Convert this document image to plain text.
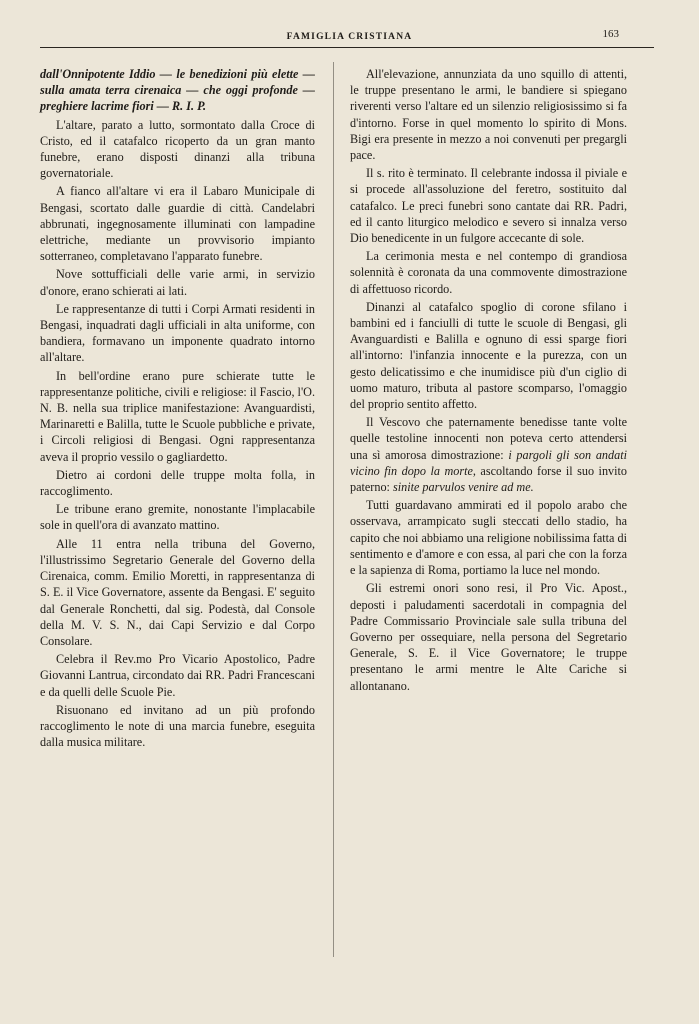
FAMIGLIA CRISTIANA	163

dall'Onnipotente Iddio — le benedizioni più elette — sulla amata terra cirenaica — che oggi profonde — preghiere lacrime fiori — R. I. P.

L'altare, parato a lutto, sormontato dalla Croce di Cristo, ed il catafalco ricoperto da un gran manto funebre, erano disposti dinanzi alla tribuna governatoriale.

A fianco all'altare vi era il Labaro Municipale di Bengasi, scortato dalle guardie di città. Candelabri abbrunati, ingegnosamente illuminati con lampadine elettriche, mediante un provvisorio impianto sotterraneo, completavano l'apparato funebre.

Nove sottufficiali delle varie armi, in servizio d'onore, erano schierati ai lati.

Le rappresentanze di tutti i Corpi Armati residenti in Bengasi, inquadrati dagli ufficiali in alta uniforme, con bandiera, formavano un imponente quadrato intorno all'altare.

In bell'ordine erano pure schierate tutte le rappresentanze politiche, civili e religiose: il Fascio, l'O. N. B. nella sua triplice manifestazione: Avanguardisti, Marinaretti e Balilla, tutte le Scuole pubbliche e private, i Circoli religiosi di Bengasi. Ogni rappresentanza aveva il proprio vessilo o gagliardetto.

Dietro ai cordoni delle truppe molta folla, in raccoglimento.

Le tribune erano gremite, nonostante l'implacabile sole in quell'ora di avanzato mattino.

Alle 11 entra nella tribuna del Governo, l'illustrissimo Segretario Generale del Governo della Cirenaica, comm. Emilio Moretti, in rappresentanza di S. E. il Vice Governatore, assente da Bengasi. E' seguito dal Generale Ronchetti, dal sig. Podestà, dal Console della M. V. S. N., dai Capi Servizio e dal Corpo Consolare.

Celebra il Rev.mo Pro Vicario Apostolico, Padre Giovanni Lantrua, circondato dai RR. Padri Francescani e da quelli delle Scuole Pie.

Risuonano ed invitano ad un più profondo raccoglimento le note di una marcia funebre, eseguita dalla musica militare.

All'elevazione, annunziata da uno squillo di attenti, le truppe presentano le armi, le bandiere si spiegano riverenti verso l'altare ed un silenzio religiosissimo si fa d'intorno. Forse in quel momento lo spirito di Mons. Bigi era presente in mezzo a noi convenuti per pregargli pace.

Il s. rito è terminato. Il celebrante indossa il piviale e si procede all'assoluzione del feretro, sostituito dal catafalco. Le preci funebri sono cantate dai RR. Padri, ed il canto liturgico melodico e severo si innalza verso Dio benedicente in un fulgore accecante di sole.

La cerimonia mesta e nel contempo di grandiosa solennità è coronata da una commovente dimostrazione di affettuoso ricordo.

Dinanzi al catafalco spoglio di corone sfilano i bambini ed i fanciulli di tutte le scuole di Bengasi, gli Avanguardisti e Balilla e ognuno di essi sparge fiori all'intorno: l'infanzia innocente e la purezza, con un gesto delicatissimo e che inumidisce più d'un ciglio di uomo maturo, tributa al pastore scomparso, l'omaggio del proprio sentito affetto.

Il Vescovo che paternamente benedisse tante volte quelle testoline innocenti non poteva certo attendersi una sì amorosa dimostrazione: i pargoli gli son andati vicino fin dopo la morte, ascoltando forse il suo invito paterno: sinite parvulos venire ad me.

Tutti guardavano ammirati ed il popolo arabo che osservava, arrampicato sugli steccati dello stadio, ha capito che noi abbiamo una religione nobilissima fatta di sentimento e d'amore e con essa, al pari che con la forza e la sapienza di Roma, portiamo la luce nel mondo.

Gli estremi onori sono resi, il Pro Vic. Apost., deposti i paludamenti sacerdotali in compagnia del Padre Commissario Provinciale sale sulla tribuna del Governo per ossequiare, nella persona del Segretario Generale, S. E. il Vice Governatore; le truppe presentano le armi mentre le Alte Cariche si allontanano.
